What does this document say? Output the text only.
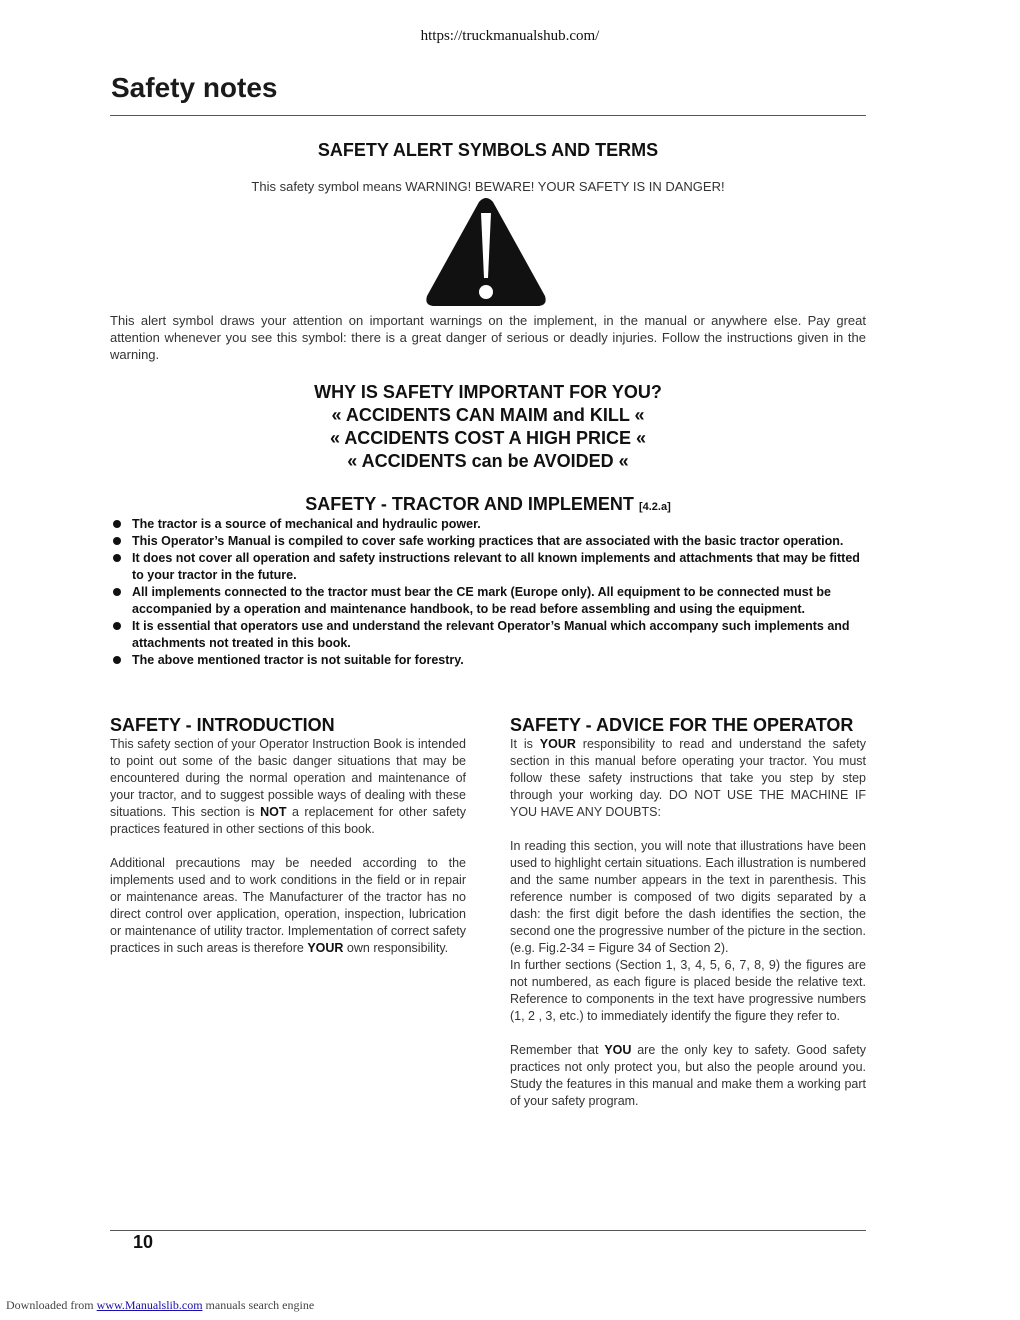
https://truckmanualshub.com/
Safety notes
SAFETY ALERT SYMBOLS AND TERMS
This safety symbol means WARNING! BEWARE! YOUR SAFETY IS IN DANGER!

This alert symbol draws your attention on important warnings on the implement, in the manual or anywhere else. Pay great attention whenever you see this symbol: there is a great danger of serious or deadly injuries. Follow the instructions given in the warning.

WHY IS SAFETY IMPORTANT FOR YOU?
« ACCIDENTS CAN MAIM and KILL «
« ACCIDENTS COST A HIGH PRICE «
« ACCIDENTS can be AVOIDED «
SAFETY - TRACTOR AND IMPLEMENT [4.2.a]
The tractor is a source of mechanical and hydraulic power.
This Operator’s Manual is compiled to cover safe working practices that are associated with the basic tractor operation.
It does not cover all operation and safety instructions relevant to all known implements and attachments that may be fitted to your tractor in the future.
All implements connected to the tractor must bear the CE mark (Europe only). All equipment to be connected must be accompanied by a operation and maintenance handbook, to be read before assembling and using the equipment.
It is essential that operators use and understand the relevant Operator’s Manual which accompany such implements and attachments not treated in this book.
The above mentioned tractor is not suitable for forestry.
SAFETY - INTRODUCTION

This safety section of your Operator Instruction Book is intended to point out some of the basic danger situations that may be encountered during the normal operation and maintenance of your tractor, and to suggest possible ways of dealing with these situations. This section is NOT a replacement for other safety practices featured in other sections of this book.

Additional precautions may be needed according to the implements used and to work conditions in the field or in repair or maintenance areas. The Manufacturer of the tractor has no direct control over application, operation, inspection, lubrication or maintenance of utility tractor. Implementation of correct safety practices in such areas is therefore YOUR own responsibility.

SAFETY - ADVICE FOR THE OPERATOR

It is YOUR responsibility to read and understand the safety section in this manual before operating your tractor. You must follow these safety instructions that take you step by step through your working day. DO NOT USE THE MACHINE IF YOU HAVE ANY DOUBTS:

In reading this section, you will note that illustrations have been used to highlight certain situations. Each illustration is numbered and the same number appears in the text in parenthesis. This reference number is composed of two digits separated by a dash: the first digit before the dash identifies the section, the second one the progressive number of the picture in the section. (e.g. Fig.2-34 = Figure 34 of Section 2).

In further sections (Section 1, 3, 4, 5, 6, 7, 8, 9) the figures are not numbered, as each figure is placed beside the relative text. Reference to components in the text have progressive numbers (1, 2 , 3, etc.) to immediately identify the figure they refer to.

Remember that YOU are the only key to safety. Good safety practices not only protect you, but also the people around you. Study the features in this manual and make them a working part of your safety program.

10
Downloaded from www.Manualslib.com manuals search engine
